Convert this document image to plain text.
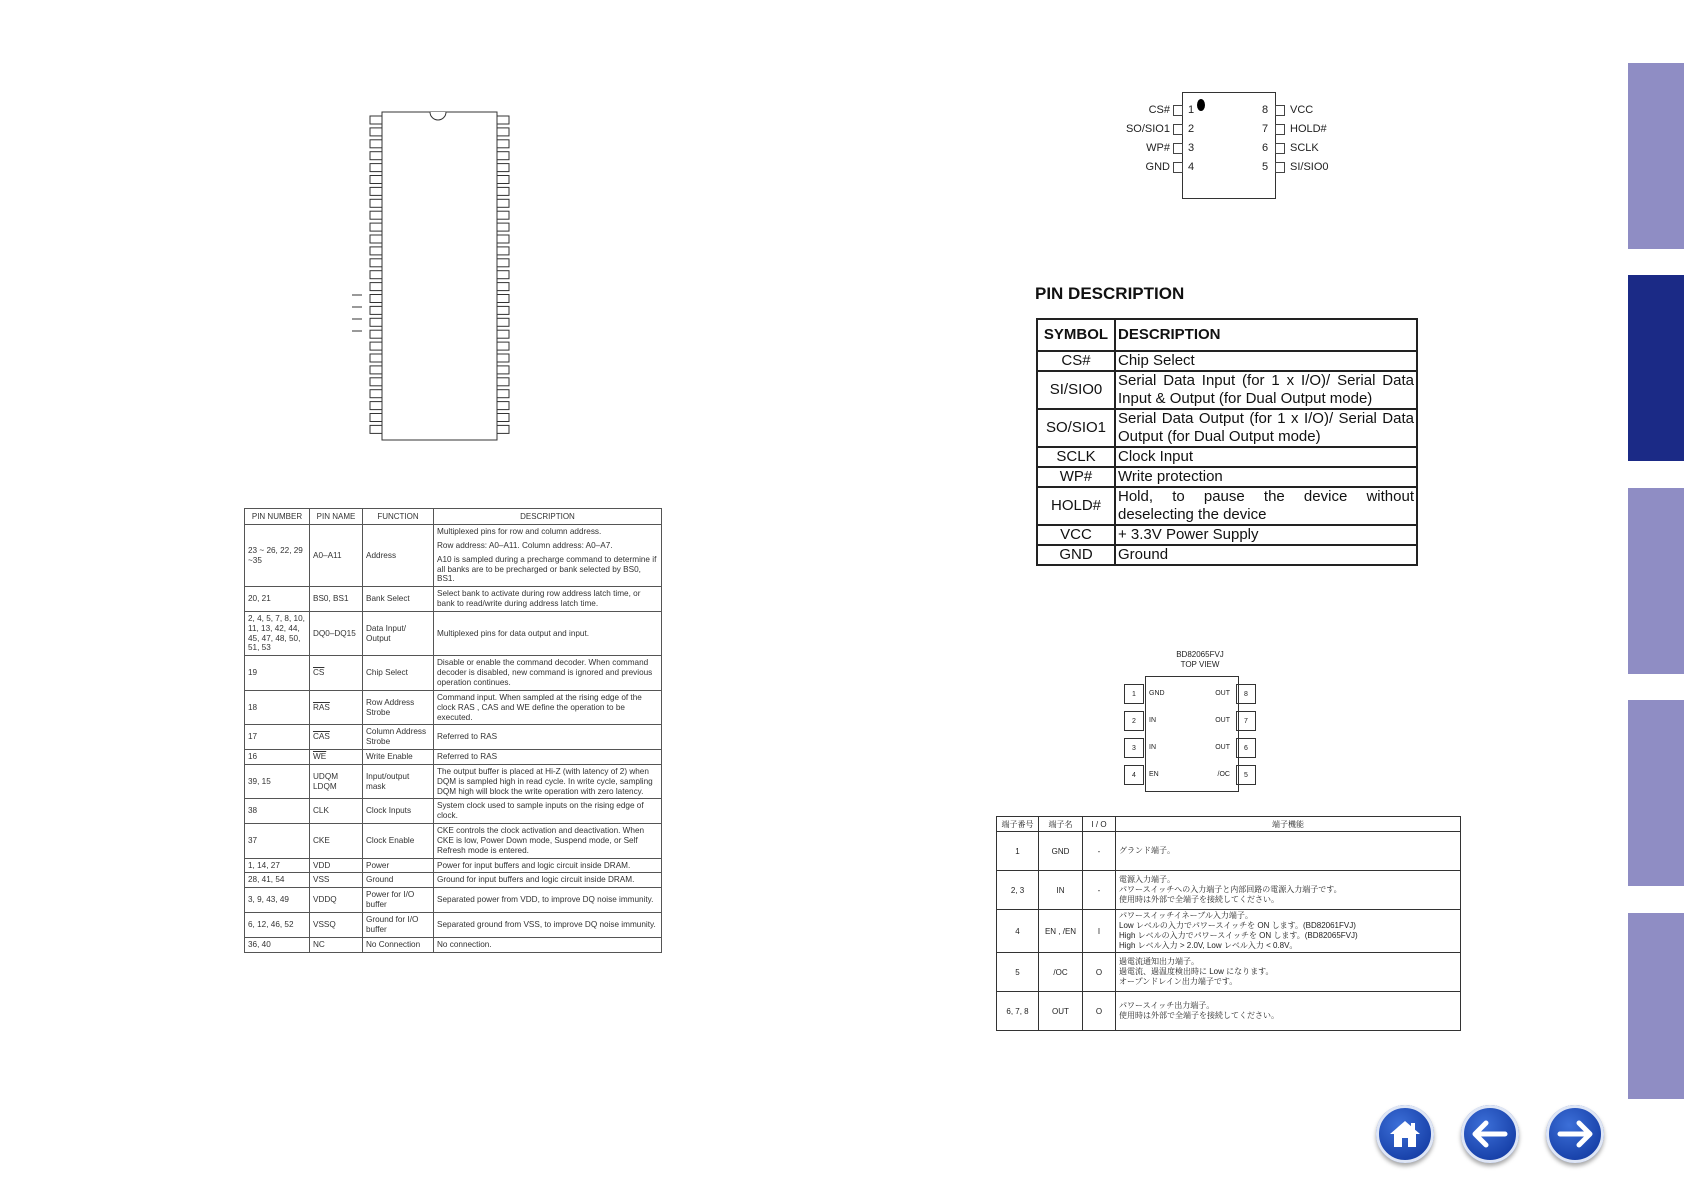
PIN NUMBER	PIN NAME	FUNCTION	DESCRIPTION
23 ~ 26, 22, 29 ~35	A0–A11	Address	Multiplexed pins for row and column address.
Row address: A0–A11. Column address: A0–A7.
A10 is sampled during a precharge command to determine if all banks are to be precharged or bank selected by BS0, BS1.

20, 21	BS0, BS1	Bank Select	Select bank to activate during row address latch time, or bank to read/write during address latch time.

2, 4, 5, 7, 8, 10, 11, 13, 42, 44, 45, 47, 48, 50, 51, 53	DQ0–DQ15	Data Input/ Output	Multiplexed pins for data output and input.

19	$\overline{CS}$	Chip Select	Disable or enable the command decoder. When command decoder is disabled, new command is ignored and previous operation continues.

18	$\overline{RAS}$	Row Address Strobe	Command input. When sampled at the rising edge of the clock RAS , CAS and WE define the operation to be executed.

17	$\overline{CAS}$	Column Address Strobe	Referred to RAS

16	$\overline{WE}$	Write Enable	Referred to RAS

39, 15	UDQM LDQM	Input/output mask	The output buffer is placed at Hi-Z (with latency of 2) when DQM is sampled high in read cycle. In write cycle, sampling DQM high will block the write operation with zero latency.

38	CLK	Clock Inputs	System clock used to sample inputs on the rising edge of clock.

37	CKE	Clock Enable	CKE controls the clock activation and deactivation. When CKE is low, Power Down mode, Suspend mode, or Self Refresh mode is entered.

1, 14, 27	VDD	Power	Power for input buffers and logic circuit inside DRAM.

28, 41, 54	VSS	Ground	Ground for input buffers and logic circuit inside DRAM.

3, 9, 43, 49	VDDQ	Power for I/O buffer	Separated power from VDD, to improve DQ noise immunity.

6, 12, 46, 52	VSSQ	Ground for I/O buffer	Separated ground from VSS, to improve DQ noise immunity.

36, 40	NC	No Connection	No connection.
CS# 1
SO/SIO1 2
WP# 3
GND 4
8 VCC
7 HOLD#
6 SCLK
5 SI/SIO0
PIN DESCRIPTION
SYMBOL	DESCRIPTION
CS#	Chip Select
SI/SIO0	Serial Data Input (for 1 x I/O)/ Serial Data Input & Output (for Dual Output mode)
SO/SIO1	Serial Data Output (for 1 x I/O)/ Serial Data Output (for Dual Output mode)
SCLK	Clock Input
WP#	Write protection
HOLD#	Hold, to pause the device without deselecting the device
VCC	+ 3.3V Power Supply
GND	Ground
BD82065FVJ
TOP VIEW
1	GND
2	IN
3	IN
4	EN
OUT	8
OUT	7
OUT	6
/OC	5
端子番号	端子名	I / O	端子機能
1	GND	-	グランド端子。

2, 3	IN	-	電源入力端子。
パワースイッチへの入力端子と内部回路の電源入力端子です。
使用時は外部で全端子を接続してください。

4	EN , /EN	I	パワースイッチイネーブル入力端子。
Low レベルの入力でパワースイッチを ON します。(BD82061FVJ)
High レベルの入力でパワースイッチを ON します。(BD82065FVJ)
High レベル入力 > 2.0V, Low レベル入力 < 0.8V。

5	/OC	O	過電流通知出力端子。
過電流、過温度検出時に Low になります。
オープンドレイン出力端子です。

6, 7, 8	OUT	O	パワースイッチ出力端子。
使用時は外部で全端子を接続してください。
